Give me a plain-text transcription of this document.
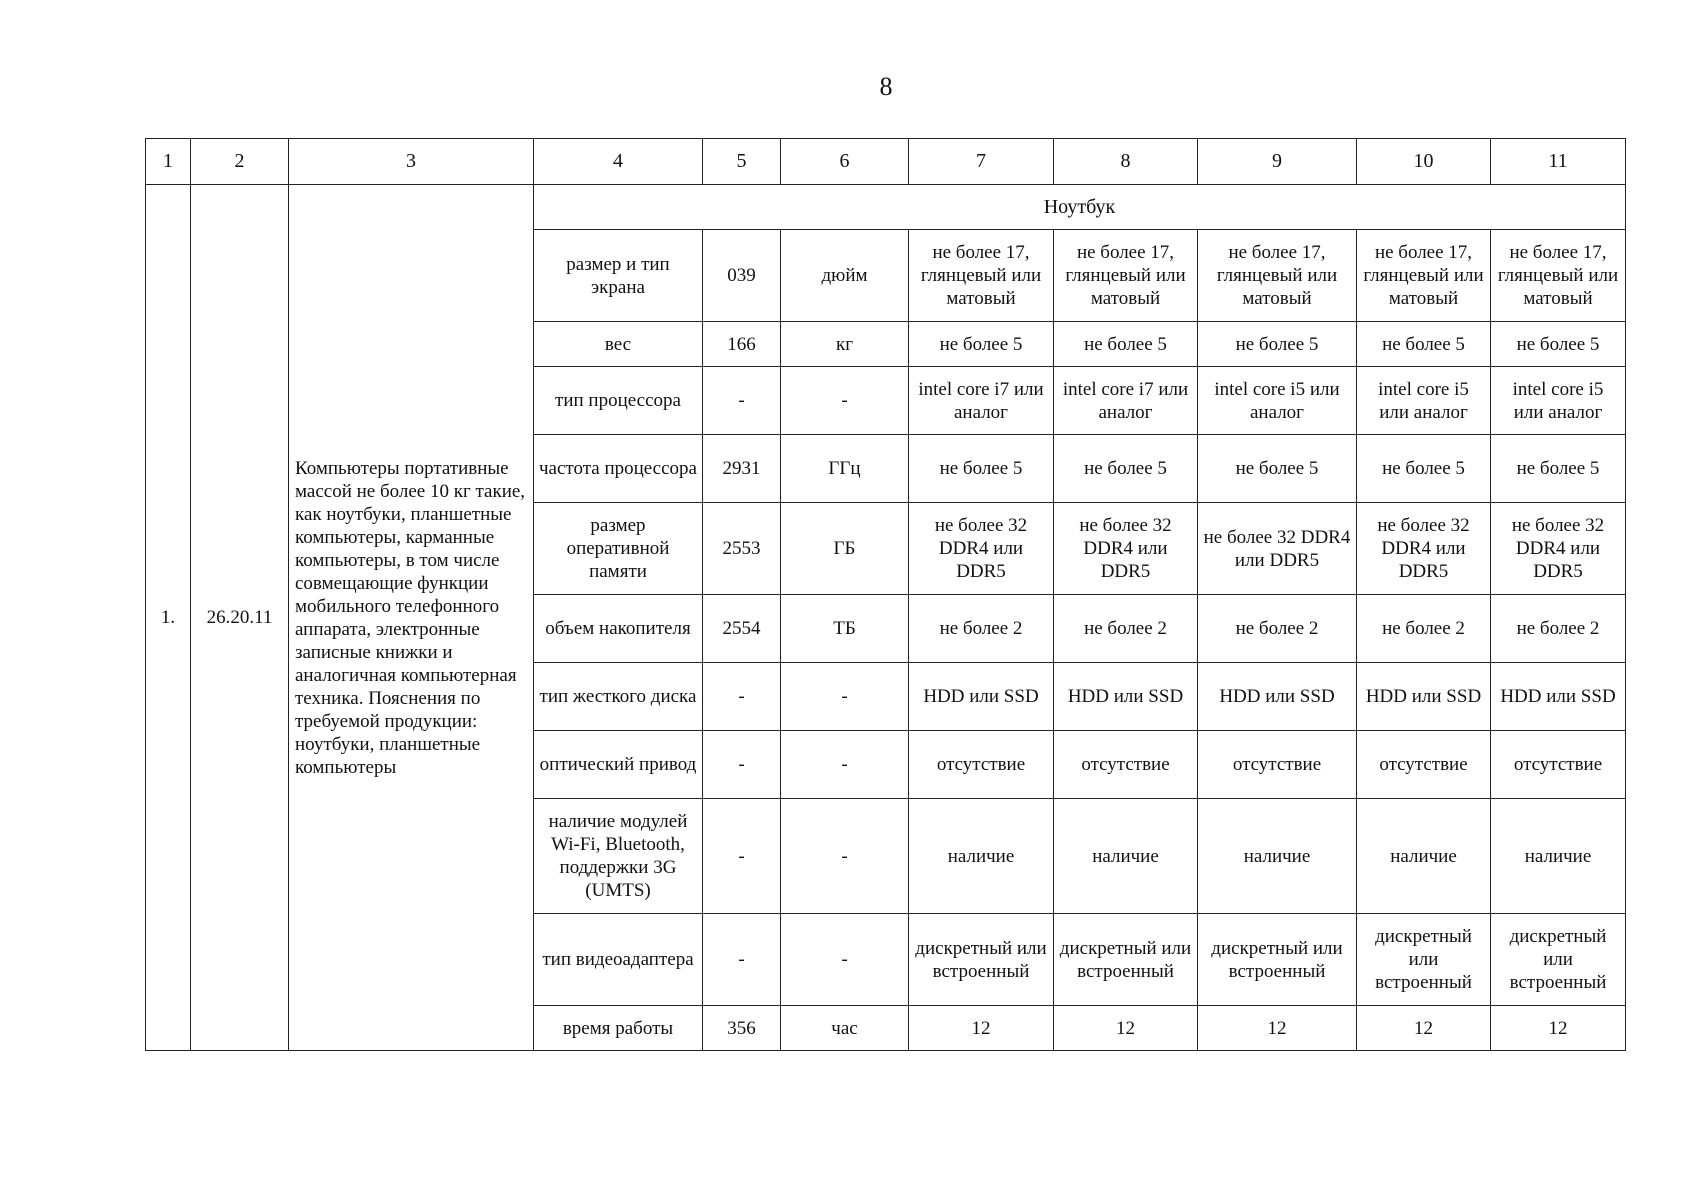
8
1	2	3	4	5	6	7	8	9	10	11
1.	26.20.11	Компьютеры портативные массой не более 10 кг такие, как ноутбуки, планшетные компьютеры, карманные компьютеры, в том числе совмещающие функции мобильного телефонного аппарата, электронные записные книжки и аналогичная компьютерная техника. Пояснения по требуемой продукции: ноутбуки, планшетные компьютеры	Ноутбук							
			размер и тип экрана	039	дюйм	не более 17, глянцевый или матовый	не более 17, глянцевый или матовый	не более 17, глянцевый или матовый	не более 17, глянцевый или матовый	не более 17, глянцевый или матовый
			вес	166	кг	не более 5	не более 5	не более 5	не более 5	не более 5
			тип процессора	-	-	intel core i7 или аналог	intel core i7 или аналог	intel core i5 или аналог	intel core i5 или аналог	intel core i5 или аналог
			частота процессора	2931	ГГц	не более 5	не более 5	не более 5	не более 5	не более 5
			размер оперативной памяти	2553	ГБ	не более 32 DDR4 или DDR5	не более 32 DDR4 или DDR5	не более 32 DDR4 или DDR5	не более 32 DDR4 или DDR5	не более 32 DDR4 или DDR5
			объем накопителя	2554	ТБ	не более 2	не более 2	не более 2	не более 2	не более 2
			тип жесткого диска	-	-	HDD или SSD	HDD или SSD	HDD или SSD	HDD или SSD	HDD или SSD
			оптический привод	-	-	отсутствие	отсутствие	отсутствие	отсутствие	отсутствие
			наличие модулей Wi-Fi, Bluetooth, поддержки 3G (UMTS)	-	-	наличие	наличие	наличие	наличие	наличие
			тип видеоадаптера	-	-	дискретный или встроенный	дискретный или встроенный	дискретный или встроенный	дискретный или встроенный	дискретный или встроенный
			время работы	356	час	12	12	12	12	12
